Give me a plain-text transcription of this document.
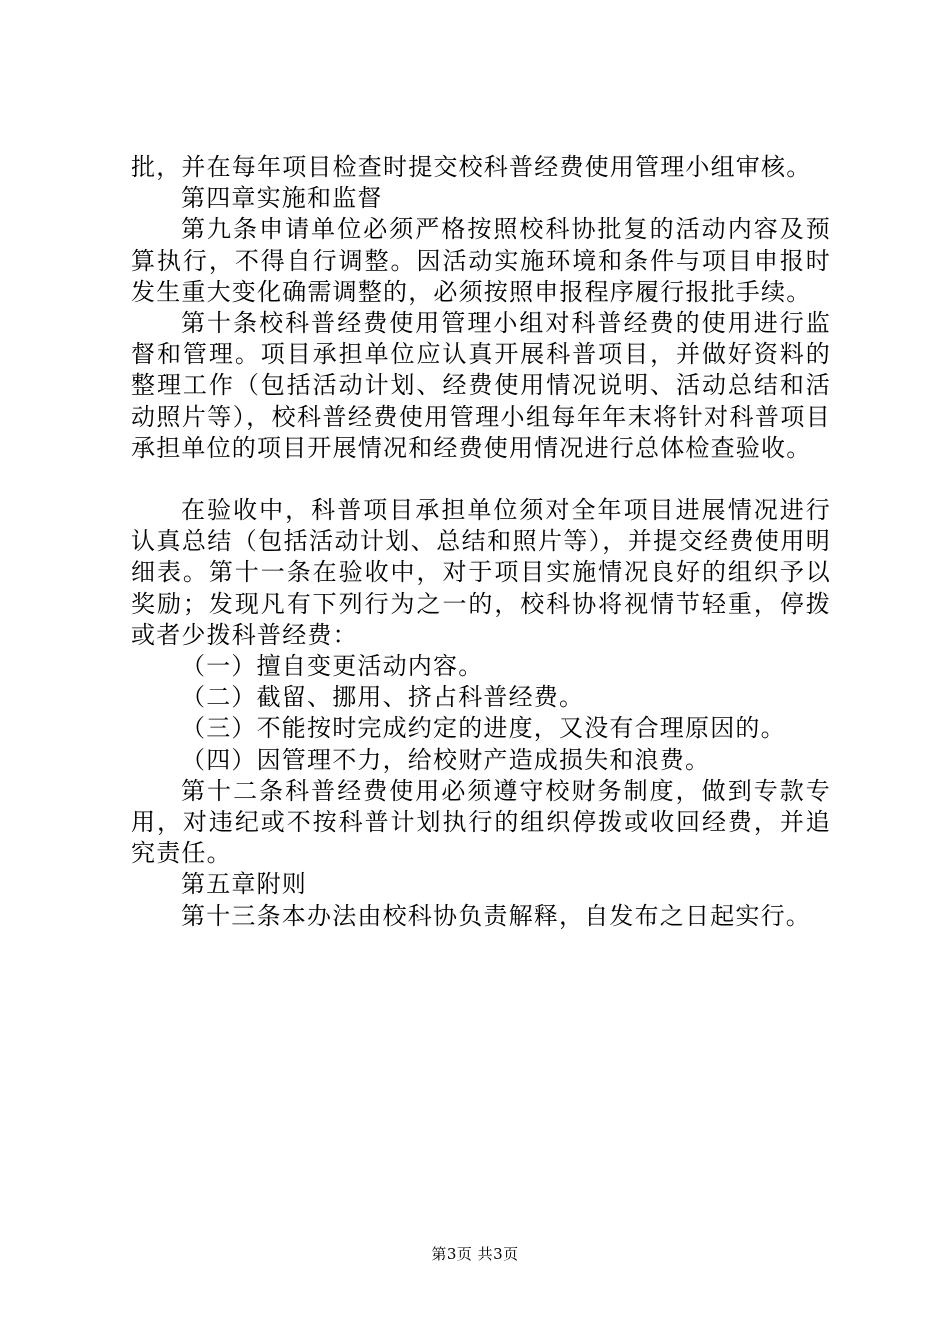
批，并在每年项目检查时提交校科普经费使用管理小组审核。

第四章实施和监督

第九条申请单位必须严格按照校科协批复的活动内容及预算执行，不得自行调整。因活动实施环境和条件与项目申报时发生重大变化确需调整的，必须按照申报程序履行报批手续。

第十条校科普经费使用管理小组对科普经费的使用进行监督和管理。项目承担单位应认真开展科普项目，并做好资料的整理工作（包括活动计划、经费使用情况说明、活动总结和活动照片等），校科普经费使用管理小组每年年末将针对科普项目承担单位的项目开展情况和经费使用情况进行总体检查验收。

在验收中，科普项目承担单位须对全年项目进展情况进行认真总结（包括活动计划、总结和照片等），并提交经费使用明细表。第十一条在验收中，对于项目实施情况良好的组织予以奖励；发现凡有下列行为之一的，校科协将视情节轻重，停拨或者少拨科普经费：

（一）擅自变更活动内容。

（二）截留、挪用、挤占科普经费。

（三）不能按时完成约定的进度，又没有合理原因的。

（四）因管理不力，给校财产造成损失和浪费。

第十二条科普经费使用必须遵守校财务制度，做到专款专用，对违纪或不按科普计划执行的组织停拨或收回经费，并追究责任。

第五章附则

第十三条本办法由校科协负责解释，自发布之日起实行。

第3页 共3页
